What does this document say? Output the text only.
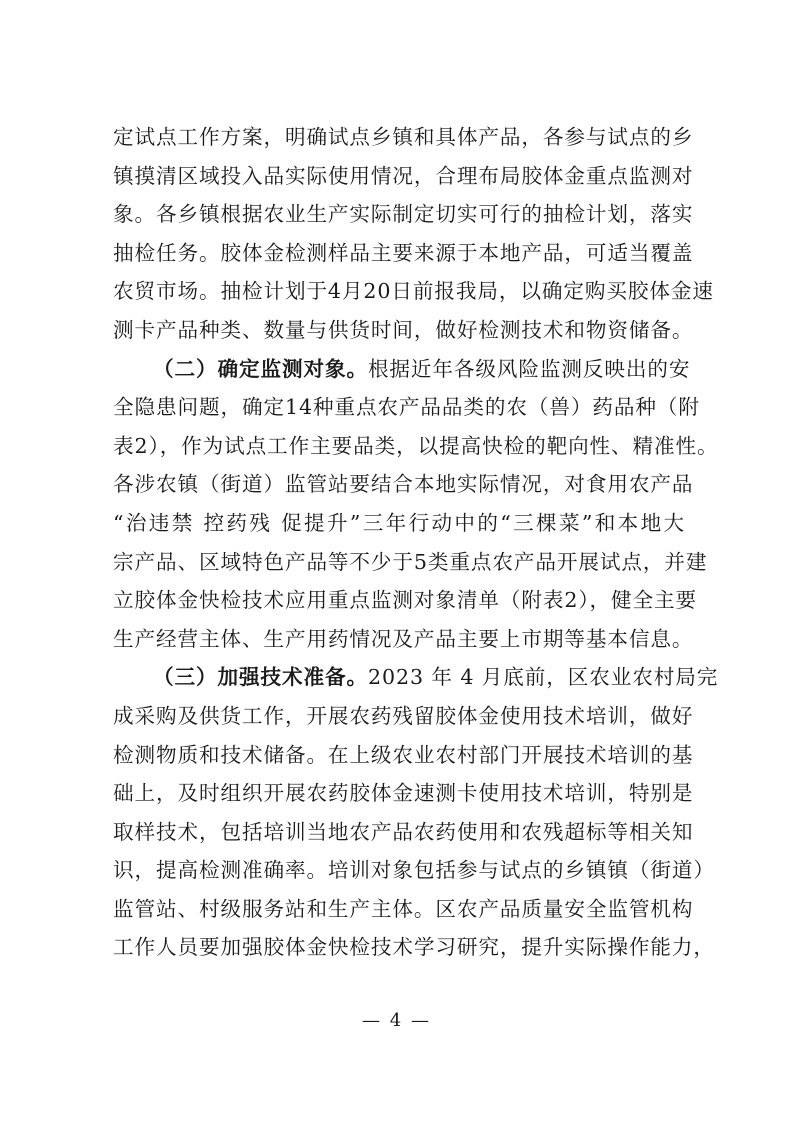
定试点工作方案，明确试点乡镇和具体产品，各参与试点的乡
镇摸清区域投入品实际使用情况，合理布局胶体金重点监测对
象。各乡镇根据农业生产实际制定切实可行的抽检计划，落实
抽检任务。胶体金检测样品主要来源于本地产品，可适当覆盖
农贸市场。抽检计划于4月20日前报我局，以确定购买胶体金速
测卡产品种类、数量与供货时间，做好检测技术和物资储备。
（二）确定监测对象。根据近年各级风险监测反映出的安
全隐患问题，确定14种重点农产品品类的农（兽）药品种（附
表2），作为试点工作主要品类，以提高快检的靶向性、精准性。
各涉农镇（街道）监管站要结合本地实际情况，对食用农产品
“治违禁 控药残 促提升”三年行动中的“三棵菜”和本地大
宗产品、区域特色产品等不少于5类重点农产品开展试点，并建
立胶体金快检技术应用重点监测对象清单（附表2），健全主要
生产经营主体、生产用药情况及产品主要上市期等基本信息。
（三）加强技术准备。2023 年 4 月底前，区农业农村局完
成采购及供货工作，开展农药残留胶体金使用技术培训，做好
检测物质和技术储备。在上级农业农村部门开展技术培训的基
础上，及时组织开展农药胶体金速测卡使用技术培训，特别是
取样技术，包括培训当地农产品农药使用和农残超标等相关知
识，提高检测准确率。培训对象包括参与试点的乡镇镇（街道）
监管站、村级服务站和生产主体。区农产品质量安全监管机构
工作人员要加强胶体金快检技术学习研究，提升实际操作能力，
— 4 —
